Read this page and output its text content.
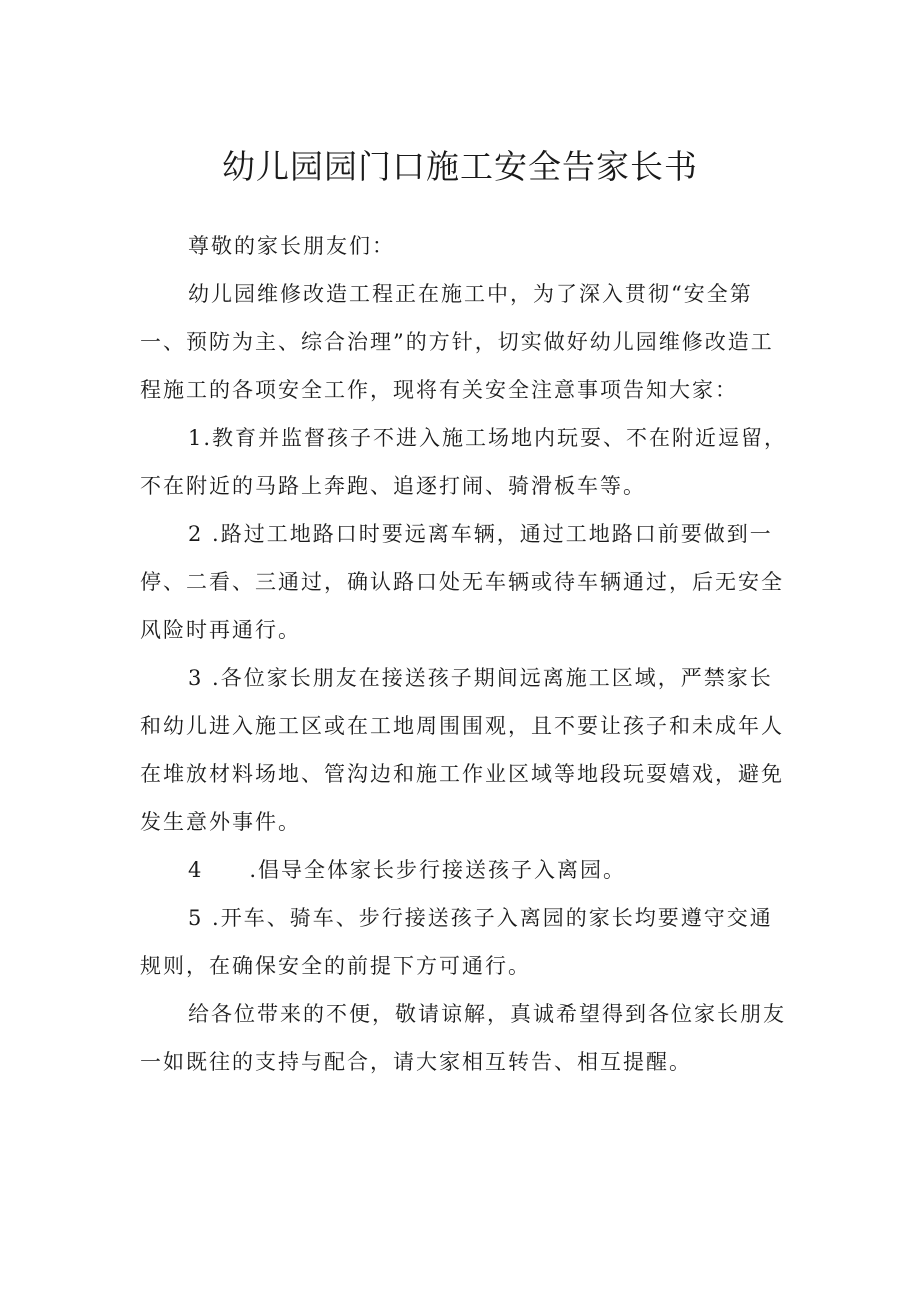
幼儿园园门口施工安全告家长书

尊敬的家长朋友们：

幼儿园维修改造工程正在施工中，为了深入贯彻“安全第一、预防为主、综合治理”的方针，切实做好幼儿园维修改造工程施工的各项安全工作，现将有关安全注意事项告知大家：

1.教育并监督孩子不进入施工场地内玩耍、不在附近逗留，不在附近的马路上奔跑、追逐打闹、骑滑板车等。

2 .路过工地路口时要远离车辆，通过工地路口前要做到一停、二看、三通过，确认路口处无车辆或待车辆通过，后无安全风险时再通行。

3 .各位家长朋友在接送孩子期间远离施工区域，严禁家长和幼儿进入施工区或在工地周围围观，且不要让孩子和未成年人在堆放材料场地、管沟边和施工作业区域等地段玩耍嬉戏，避免发生意外事件。

4　　.倡导全体家长步行接送孩子入离园。

5 .开车、骑车、步行接送孩子入离园的家长均要遵守交通规则，在确保安全的前提下方可通行。

给各位带来的不便，敬请谅解，真诚希望得到各位家长朋友一如既往的支持与配合，请大家相互转告、相互提醒。
